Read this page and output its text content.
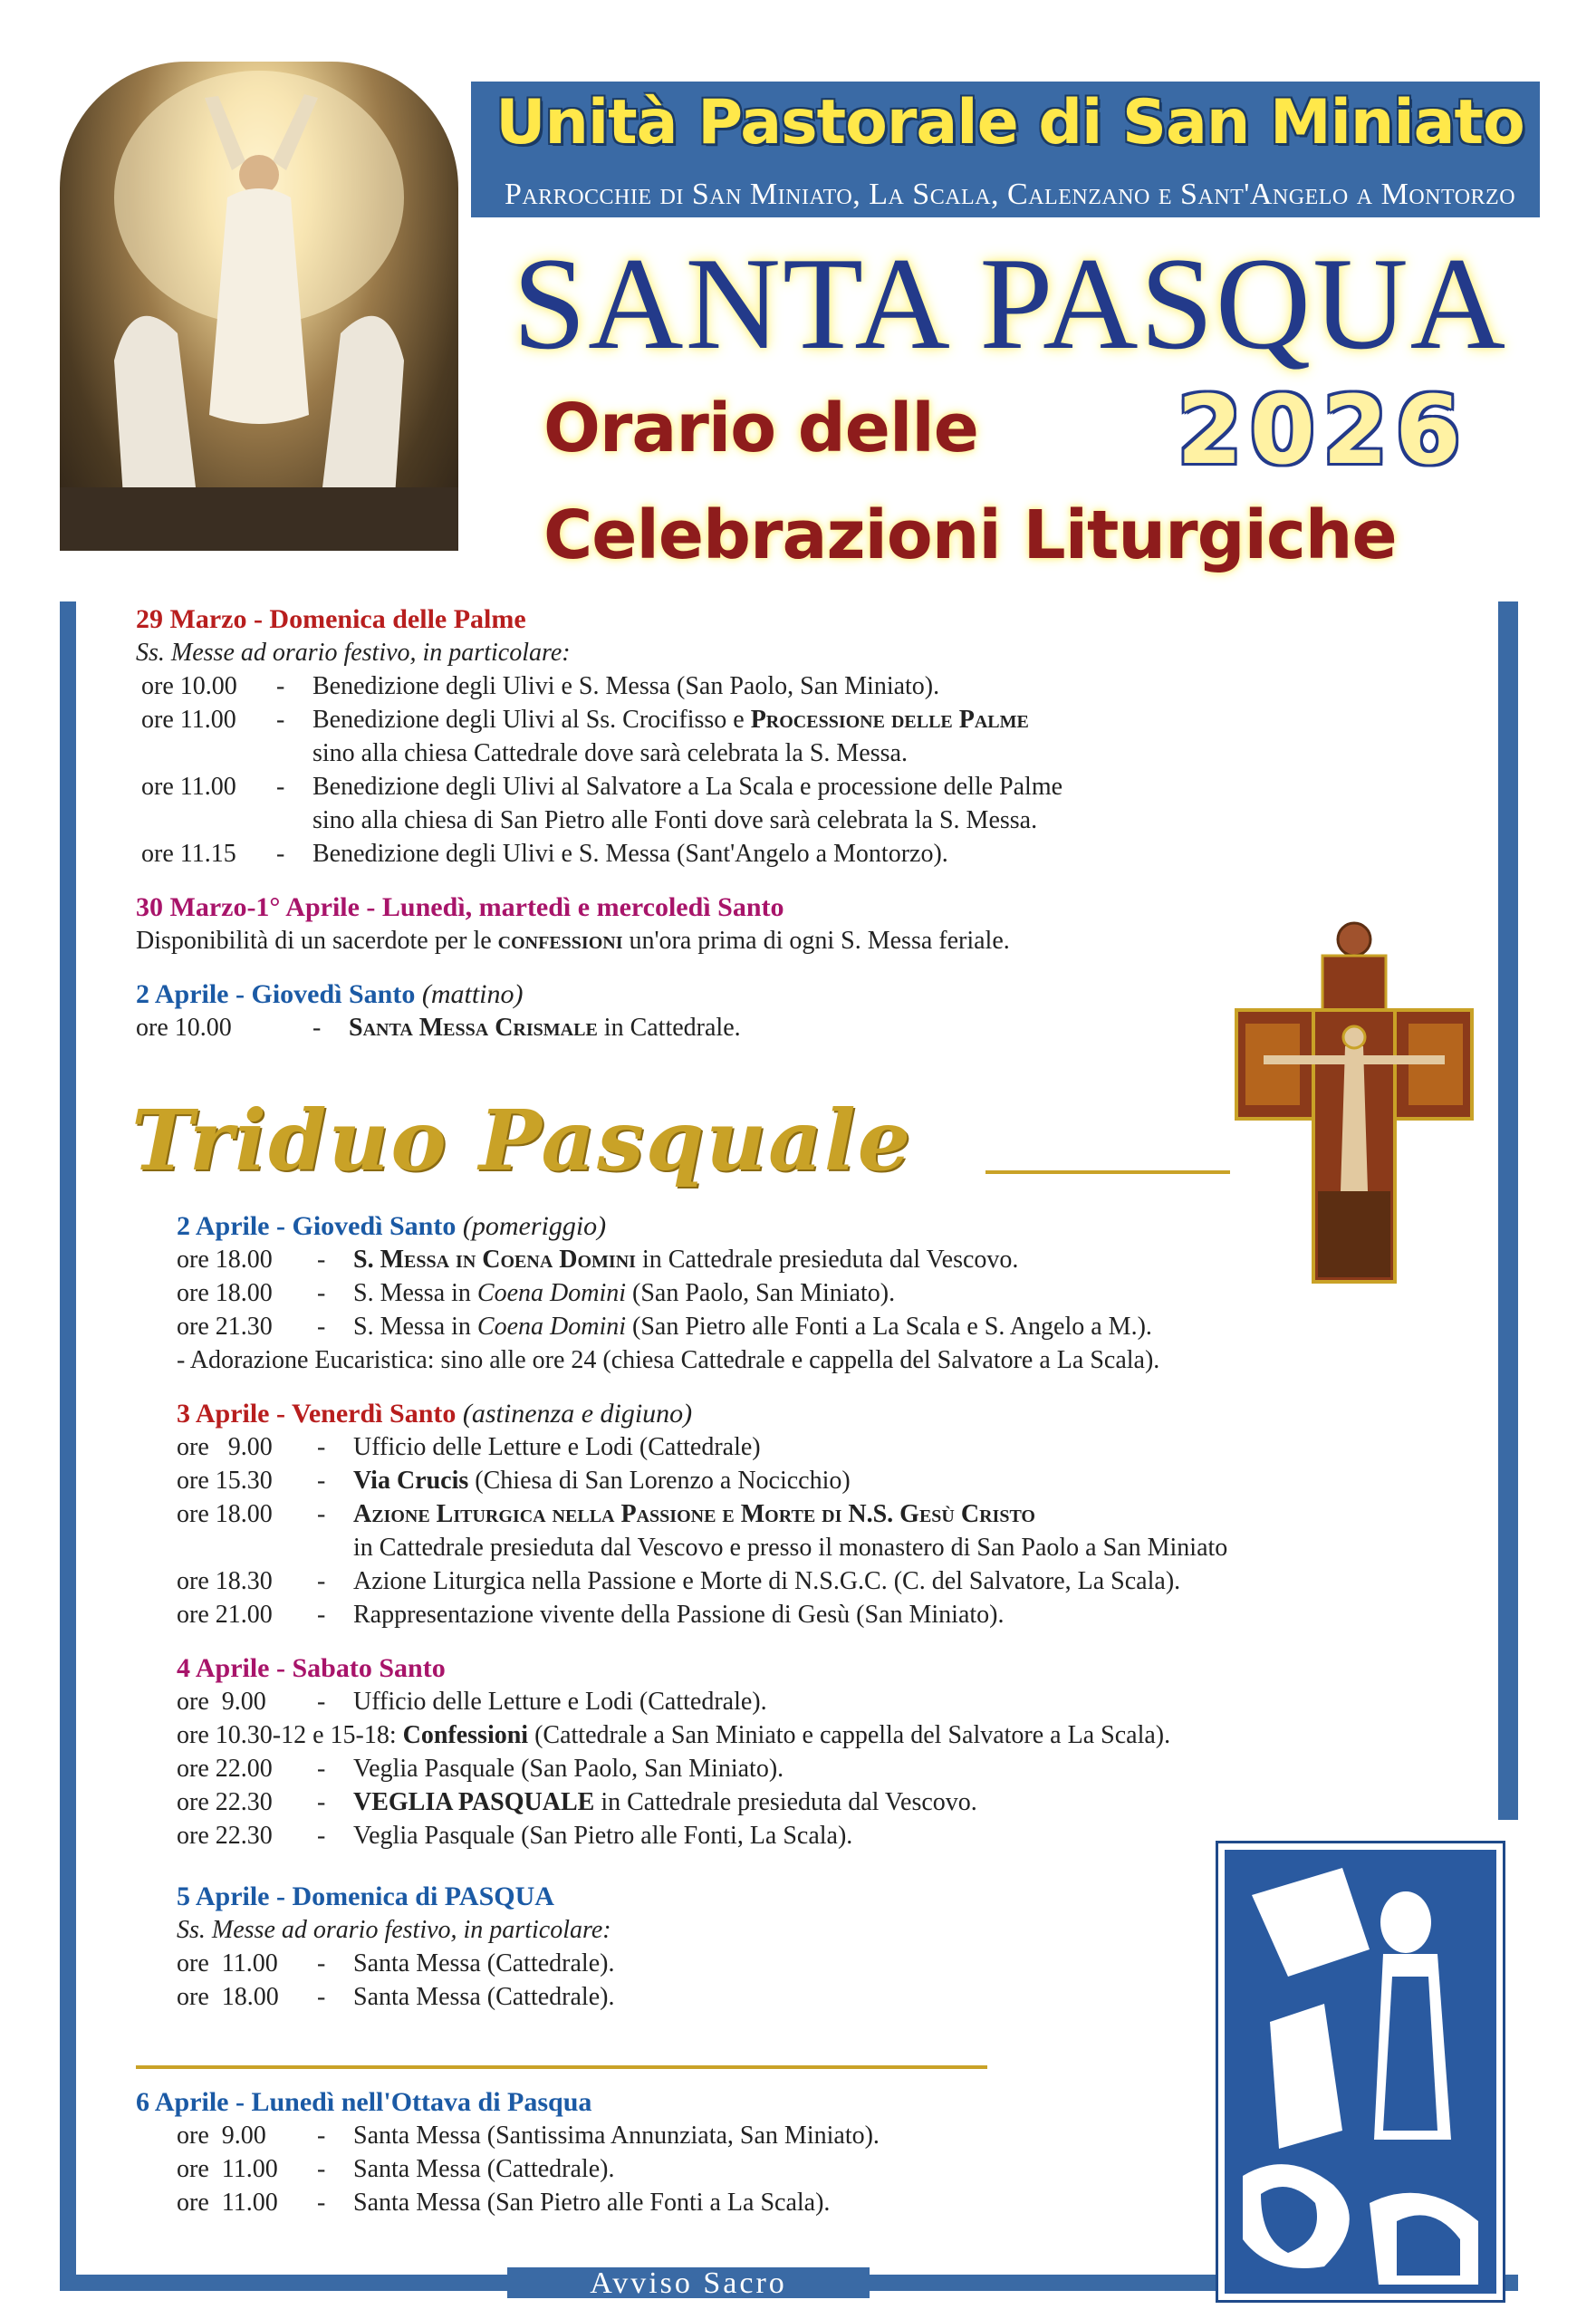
Unità Pastorale di San Miniato
Parrocchie di San Miniato, La Scala, Calenzano e Sant'Angelo a Montorzo
SANTA PASQUA
Orario delle	2026
Celebrazioni Liturgiche
Avviso Sacro
29 Marzo - Domenica delle Palme
Ss. Messe ad orario festivo, in particolare:
ore 10.00	-	Benedizione degli Ulivi e S. Messa (San Paolo, San Miniato).
ore 11.00	-	Benedizione degli Ulivi al Ss. Crocifisso e Processione delle Palme
sino alla chiesa Cattedrale dove sarà celebrata la S. Messa.
ore 11.00	-	Benedizione degli Ulivi al Salvatore a La Scala e processione delle Palme
sino alla chiesa di San Pietro alle Fonti dove sarà celebrata la S. Messa.
ore 11.15	-	Benedizione degli Ulivi e S. Messa (Sant'Angelo a Montorzo).
30 Marzo-1° Aprile - Lunedì, martedì e mercoledì Santo
Disponibilità di un sacerdote per le confessioni un'ora prima di ogni S. Messa feriale.
2 Aprile - Giovedì Santo (mattino)
ore 10.00	-	Santa Messa Crismale in Cattedrale.
Triduo Pasquale
2 Aprile - Giovedì Santo (pomeriggio)
ore 18.00	-	S. Messa in Coena Domini in Cattedrale presieduta dal Vescovo.
ore 18.00	-	S. Messa in Coena Domini (San Paolo, San Miniato).
ore 21.30	-	S. Messa in Coena Domini (San Pietro alle Fonti a La Scala e S. Angelo a M.).
- Adorazione Eucaristica: sino alle ore 24 (chiesa Cattedrale e cappella del Salvatore a La Scala).
3 Aprile - Venerdì Santo (astinenza e digiuno)
ore   9.00	-	Ufficio delle Letture e Lodi (Cattedrale)
ore 15.30	-	Via Crucis (Chiesa di San Lorenzo a Nocicchio)
ore 18.00	-	Azione Liturgica nella Passione e Morte di N.S. Gesù Cristo
in Cattedrale presieduta dal Vescovo e presso il monastero di San Paolo a San Miniato
ore 18.30	-	Azione Liturgica nella Passione e Morte di N.S.G.C. (C. del Salvatore, La Scala).
ore 21.00	-	Rappresentazione vivente della Passione di Gesù (San Miniato).
4 Aprile - Sabato Santo
ore  9.00	-	Ufficio delle Letture e Lodi (Cattedrale).
ore 10.30-12 e 15-18: Confessioni (Cattedrale a San Miniato e cappella del Salvatore a La Scala).
ore 22.00	-	Veglia Pasquale (San Paolo, San Miniato).
ore 22.30	-	VEGLIA PASQUALE in Cattedrale presieduta dal Vescovo.
ore 22.30	-	Veglia Pasquale (San Pietro alle Fonti, La Scala).
5 Aprile - Domenica di PASQUA
Ss. Messe ad orario festivo, in particolare:
ore  11.00	-	Santa Messa (Cattedrale).
ore  18.00	-	Santa Messa (Cattedrale).
6 Aprile - Lunedì nell'Ottava di Pasqua
ore  9.00	-	Santa Messa (Santissima Annunziata, San Miniato).
ore  11.00	-	Santa Messa (Cattedrale).
ore  11.00	-	Santa Messa (San Pietro alle Fonti a La Scala).
